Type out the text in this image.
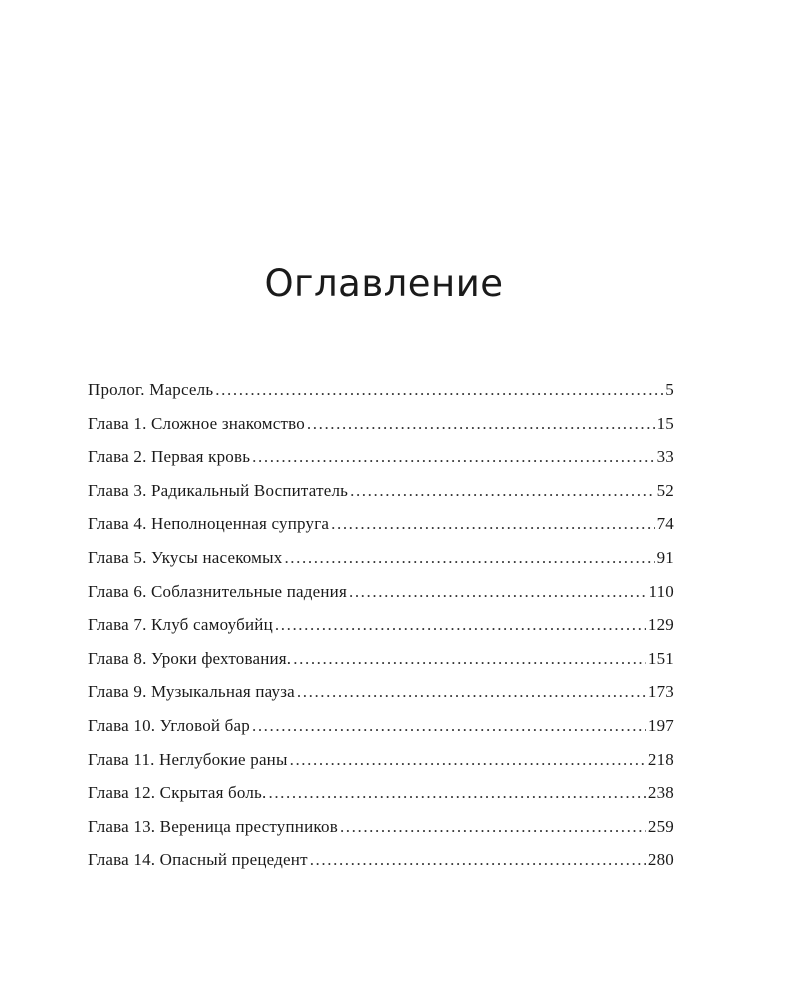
Оглавление
Пролог. Марсель .....	5
Глава 1. Сложное знакомство .....	15
Глава 2. Первая кровь .....	33
Глава 3. Радикальный Воспитатель .....	52
Глава 4. Неполноценная супруга .....	74
Глава 5. Укусы насекомых .....	91
Глава 6. Соблазнительные падения .....	110
Глава 7. Клуб самоубийц .....	129
Глава 8. Уроки фехтования. .....	151
Глава 9. Музыкальная пауза .....	173
Глава 10. Угловой бар .....	197
Глава 11. Неглубокие раны .....	218
Глава 12. Скрытая боль. .....	238
Глава 13. Вереница преступников .....	259
Глава 14. Опасный прецедент .....	280
